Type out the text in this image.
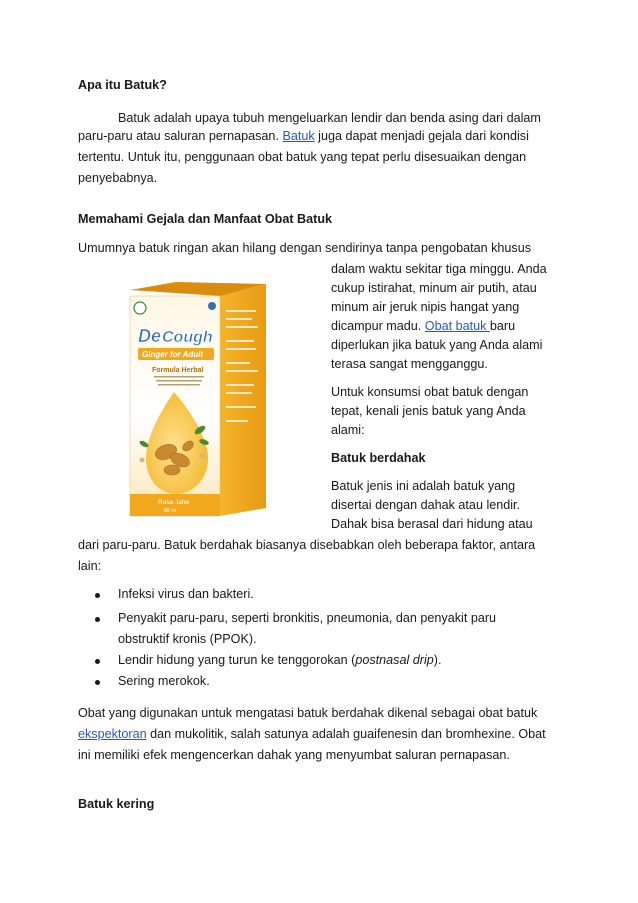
Apa itu Batuk?
Batuk adalah upaya tubuh mengeluarkan lendir dan benda asing dari dalam
paru-paru atau saluran pernapasan. Batuk juga dapat menjadi gejala dari kondisi
tertentu. Untuk itu, penggunaan obat batuk yang tepat perlu disesuaikan dengan
penyebabnya.
Memahami Gejala dan Manfaat Obat Batuk
Umumnya batuk ringan akan hilang dengan sendirinya tanpa pengobatan khusus
dalam waktu sekitar tiga minggu. Anda
cukup istirahat, minum air putih, atau
minum air jeruk nipis hangat yang
dicampur madu. Obat batuk baru
diperlukan jika batuk yang Anda alami
terasa sangat mengganggu.
Untuk konsumsi obat batuk dengan
tepat, kenali jenis batuk yang Anda
alami:
Batuk berdahak
Batuk jenis ini adalah batuk yang
disertai dengan dahak atau lendir.
Dahak bisa berasal dari hidung atau
dari paru-paru. Batuk berdahak biasanya disebabkan oleh beberapa faktor, antara
lain:
Infeksi virus dan bakteri.
Penyakit paru-paru, seperti bronkitis, pneumonia, dan penyakit paru
obstruktif kronis (PPOK).
Lendir hidung yang turun ke tenggorokan (postnasal drip).
Sering merokok.
Obat yang digunakan untuk mengatasi batuk berdahak dikenal sebagai obat batuk
ekspektoran dan mukolitik, salah satunya adalah guaifenesin dan bromhexine. Obat
ini memiliki efek mengencerkan dahak yang menyumbat saluran pernapasan.
Batuk kering
De Cough
Ginger for Adult
Formula Herbal
Rasa Jahe
60 ml
